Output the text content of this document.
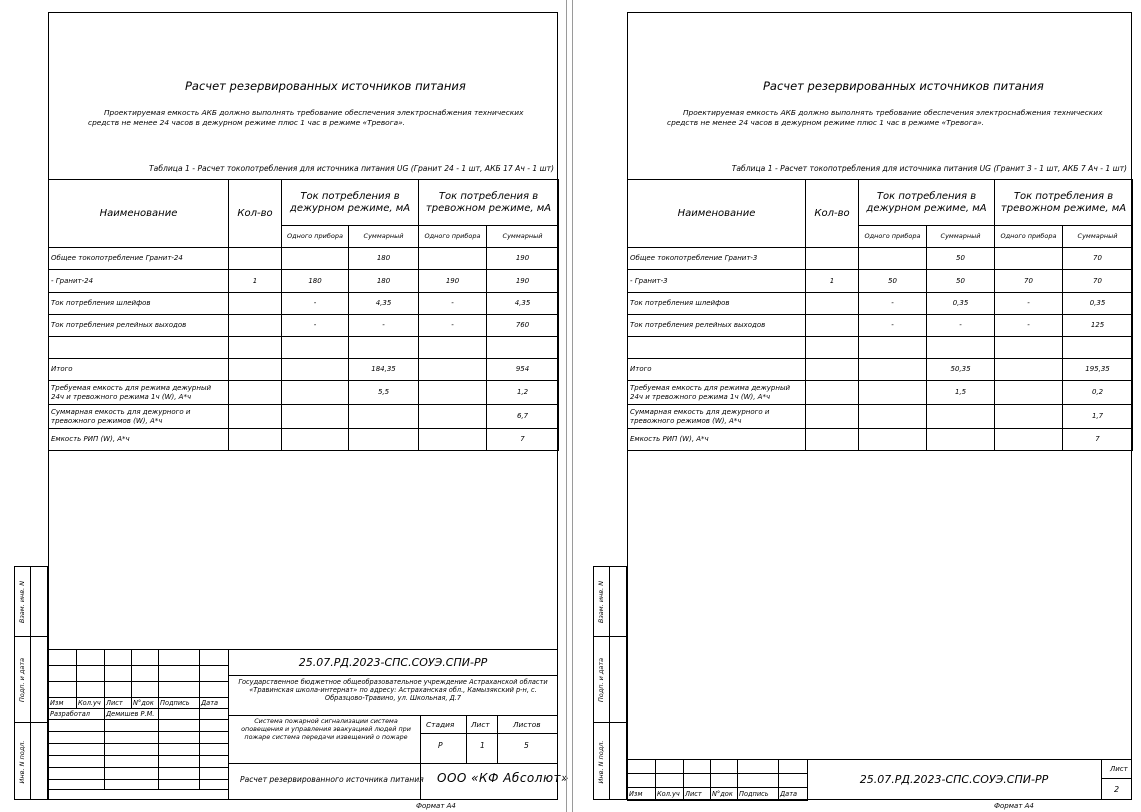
Расчет резервированных источников питания
Проектируемая емкость АКБ должно выполнять требование обеспечения электроснабжения технических средств не менее 24 часов в дежурном режиме плюс 1 час в режиме «Тревога».
Таблица 1 - Расчет токопотребления для источника питания UG (Гранит 24 - 1 шт, АКБ 17 Ач - 1 шт)
Наименование	Кол-во	Ток потребления в дежурном режиме, мА		Ток потребления в тревожном режиме, мА	
		Одного прибора	Суммарный	Одного прибора	Суммарный
Общее токопотребление Гранит-24			180		190
- Гранит-24	1	180	180	190	190
Ток потребления шлейфов		-	4,35	-	4,35
Ток потребления релейных выходов		-	-	-	760

Итого			184,35		954
Требуемая емкость для режима дежурный 24ч и тревожного режима 1ч (W), А*ч			5,5		1,2
Суммарная емкость для дежурного и тревожного режимов (W), А*ч					6,7
Емкость РИП (W), А*ч					7
Взам. инв. N
Подп. и дата
Инв. N подл.

Изм	Кол.уч	Лист	N°док	Подпись	Дата
Разработал		Демишев Р.М.			

25.07.РД.2023-СПС.СОУЭ.СПИ-РР
Государственное бюджетное общеобразовательное учреждение Астраханской области «Травинская школа-интернат» по адресу: Астраханская обл., Камызякский р-н, с. Образцово-Травино, ул. Школьная, Д.7
Система пожарной сигнализации система оповещения и управления эвакуацией людей при пожаре система передачи извещений о пожаре
Стадия Лист	Листов
Р	1	5
Расчет резервированного источника питания ООО «КФ Абсолют»
Формат А4
Расчет резервированных источников питания
Проектируемая емкость АКБ должно выполнять требование обеспечения электроснабжения технических средств не менее 24 часов в дежурном режиме плюс 1 час в режиме «Тревога».
Таблица 1 - Расчет токопотребления для источника питания UG (Гранит 3 - 1 шт, АКБ 7 Ач - 1 шт)
Наименование	Кол-во	Ток потребления в дежурном режиме, мА		Ток потребления в тревожном режиме, мА	
		Одного прибора	Суммарный	Одного прибора	Суммарный
Общее токопотребление Гранит-3			50		70
- Гранит-3	1	50	50	70	70
Ток потребления шлейфов		-	0,35	-	0,35
Ток потребления релейных выходов		-	-	-	125

Итого			50,35		195,35
Требуемая емкость для режима дежурный 24ч и тревожного режима 1ч (W), А*ч			1,5		0,2
Суммарная емкость для дежурного и тревожного режимов (W), А*ч					1,7
Емкость РИП (W), А*ч					7
Взам. инв. N
Подп. и дата
Инв. N подл.

Изм	Кол.уч	Лист	N°док	Подпись	Дата
25.07.РД.2023-СПС.СОУЭ.СПИ-РР
Лист
2
Формат А4
